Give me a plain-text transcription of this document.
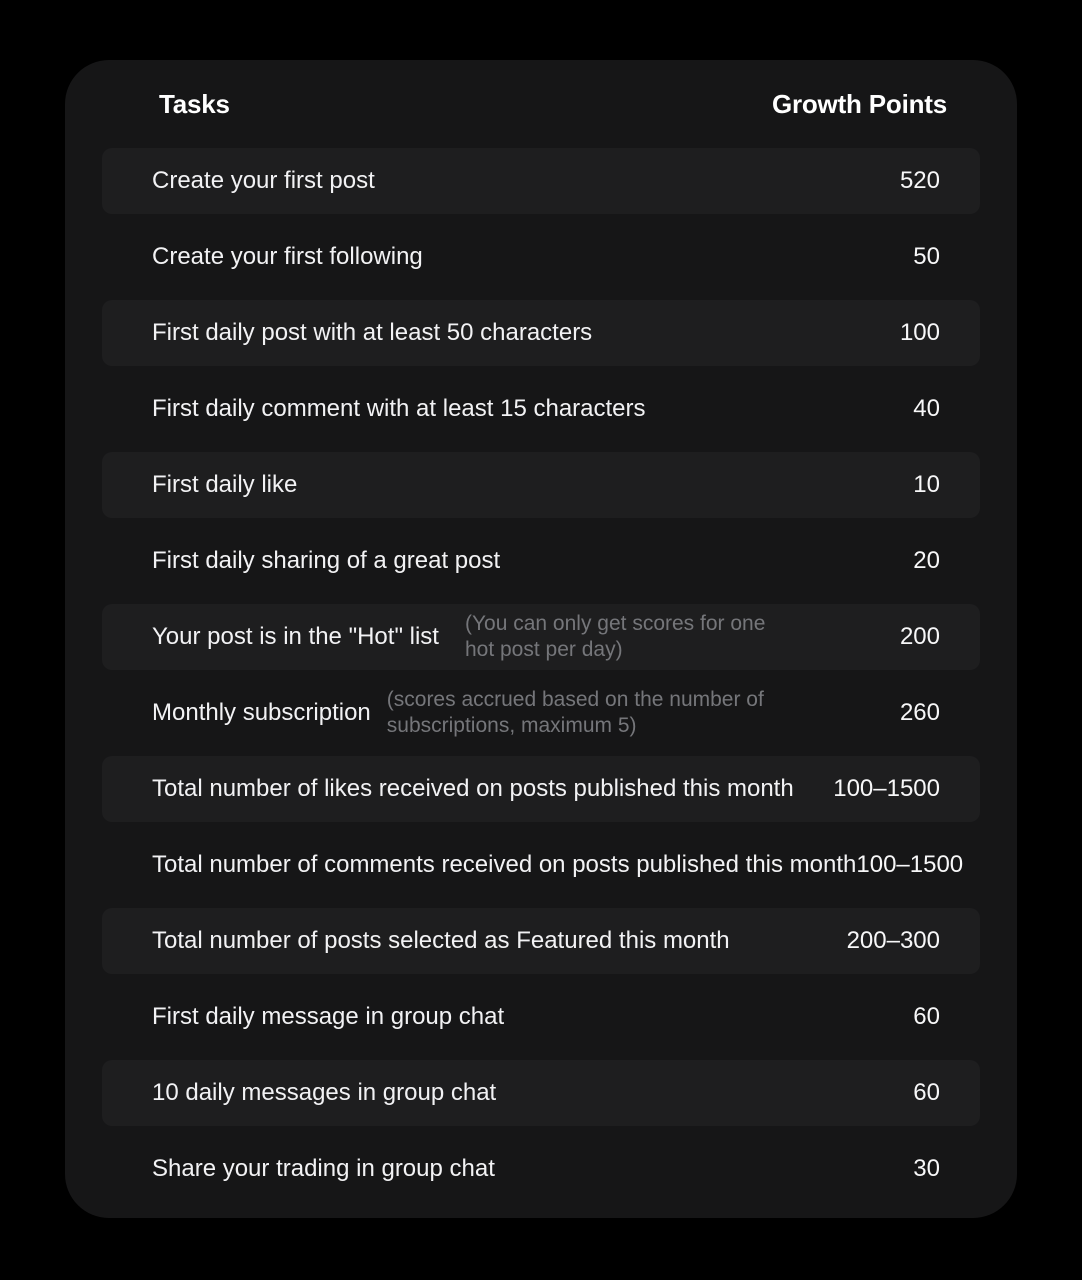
Tasks	Growth Points
Create your first post	520
Create your first following	50
First daily post with at least 50 characters	100
First daily comment with at least 15 characters	40
First daily like	10
First daily sharing of a great post	20
Your post is in the "Hot" list (You can only get scores for one hot post per day)	200
Monthly subscription (scores accrued based on the number of subscriptions, maximum 5)	260
Total number of likes received on posts published this month 100–1500
Total number of comments received on posts published this month 100–1500
Total number of posts selected as Featured this month	200–300
First daily message in group chat	60
10 daily messages in group chat	60
Share your trading in group chat	30
